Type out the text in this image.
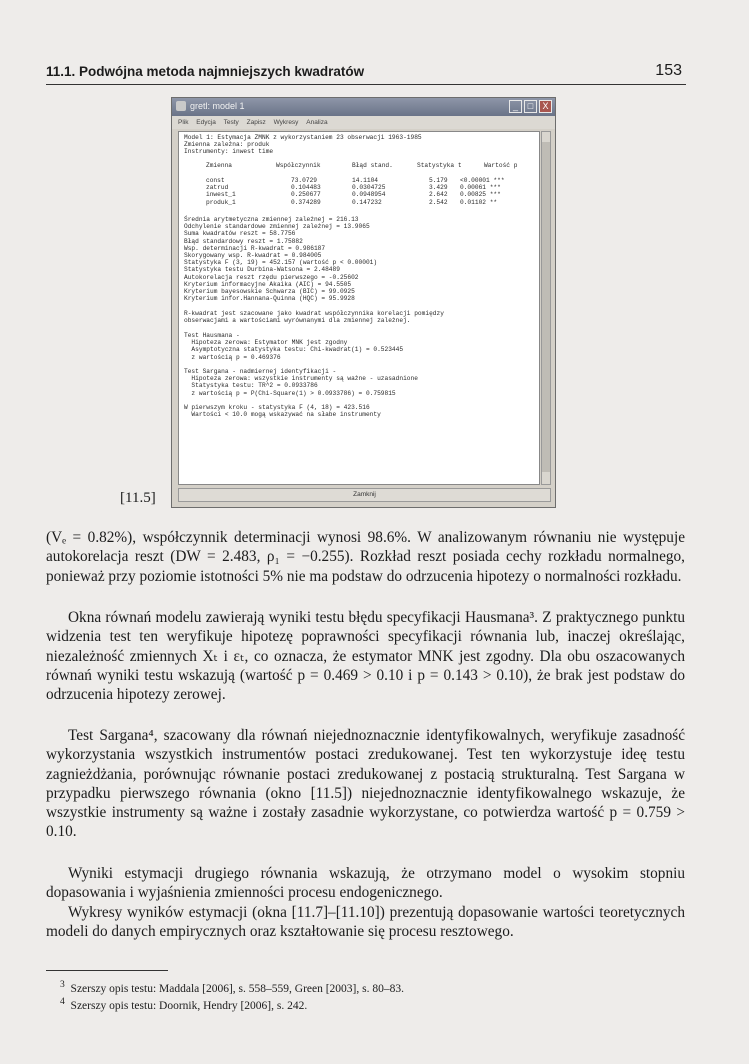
11.1. Podwójna metoda najmniejszych kwadratów	153
[11.5]
gretl: model 1	_	□	X
Plik Edycja Testy Zapisz Wykresy Analiza
Model 1: Estymacja ZMNK z wykorzystaniem 23 obserwacji 1963-1985
Zmienna zależna: produk
Instrumenty: inwest time
Zmienna	Współczynnik	Błąd stand.	Statystyka t	Wartość p
const	73.0729	14.1104	5.179 <0.00001 ***
zatrud	0.104483	0.0304725	3.429 0.00061 ***
inwest_1	0.250677	0.0948954	2.642 0.00825 ***
produk_1	0.374289	0.147232	2.542 0.01102 **
Średnia arytmetyczna zmiennej zależnej = 216.13
Odchylenie standardowe zmiennej zależnej = 13.9065
Suma kwadratów reszt = 58.7756
Błąd standardowy reszt = 1.75882
Wsp. determinacji R-kwadrat = 0.986187
Skorygowany wsp. R-kwadrat = 0.984005
Statystyka F (3, 19) = 452.157 (wartość p < 0.00001)
Statystyka testu Durbina-Watsona = 2.48489
Autokorelacja reszt rzędu pierwszego = -0.25602
Kryterium informacyjne Akaika (AIC) = 94.5505
Kryterium bayesowskie Schwarza (BIC) = 99.0925
Kryterium infor.Hannana-Quinna (HQC) = 95.9928
R-kwadrat jest szacowane jako kwadrat współczynnika korelacji pomiędzy
obserwacjami a wartościami wyrównanymi dla zmiennej zależnej.
Test Hausmana -
Hipoteza zerowa: Estymator MNK jest zgodny
Asymptotyczna statystyka testu: Chi-kwadrat(1) = 0.523445
z wartością p = 0.469376
Test Sargana - nadmiernej identyfikacji -
Hipoteza zerowa: wszystkie instrumenty są ważne - uzasadnione
Statystyka testu: TR^2 = 0.0933786
z wartością p = P(Chi-Square(1) > 0.0933786) = 0.759815
W pierwszym kroku - statystyka F (4, 18) = 423.516
Wartości < 10.0 mogą wskazywać na słabe instrumenty
Zamknij

(Vₑ = 0.82%), współczynnik determinacji wynosi 98.6%. W analizowanym równaniu nie występuje autokorelacja reszt (DW = 2.483, ρ₁ = −0.255). Rozkład reszt posiada cechy rozkładu normalnego, ponieważ przy poziomie istotności 5% nie ma podstaw do odrzucenia hipotezy o normalności rozkładu.

Okna równań modelu zawierają wyniki testu błędu specyfikacji Hausmana³. Z praktycznego punktu widzenia test ten weryfikuje hipotezę poprawności specyfikacji równania lub, inaczej określając, niezależność zmiennych Xₜ i εₜ, co oznacza, że estymator MNK jest zgodny. Dla obu oszacowanych równań wyniki testu wskazują (wartość p = 0.469 > 0.10 i p = 0.143 > 0.10), że brak jest podstaw do odrzucenia hipotezy zerowej.

Test Sargana⁴, szacowany dla równań niejednoznacznie identyfikowalnych, weryfikuje zasadność wykorzystania wszystkich instrumentów postaci zredukowanej. Test ten wykorzystuje ideę testu zagnieżdżania, porównując równanie postaci zredukowanej z postacią strukturalną. Test Sargana w przypadku pierwszego równania (okno [11.5]) niejednoznacznie identyfikowalnego wskazuje, że wszystkie instrumenty są ważne i zostały zasadnie wykorzystane, co potwierdza wartość p = 0.759 > 0.10.

Wyniki estymacji drugiego równania wskazują, że otrzymano model o wysokim stopniu dopasowania i wyjaśnienia zmienności procesu endogenicznego.

Wykresy wyników estymacji (okna [11.7]–[11.10]) prezentują dopasowanie wartości teoretycznych modeli do danych empirycznych oraz kształtowanie się procesu resztowego.

$^3$ Szerszy opis testu: Maddala [2006], s. 558–559, Green [2003], s. 80–83.
$^4$ Szerszy opis testu: Doornik, Hendry [2006], s. 242.
